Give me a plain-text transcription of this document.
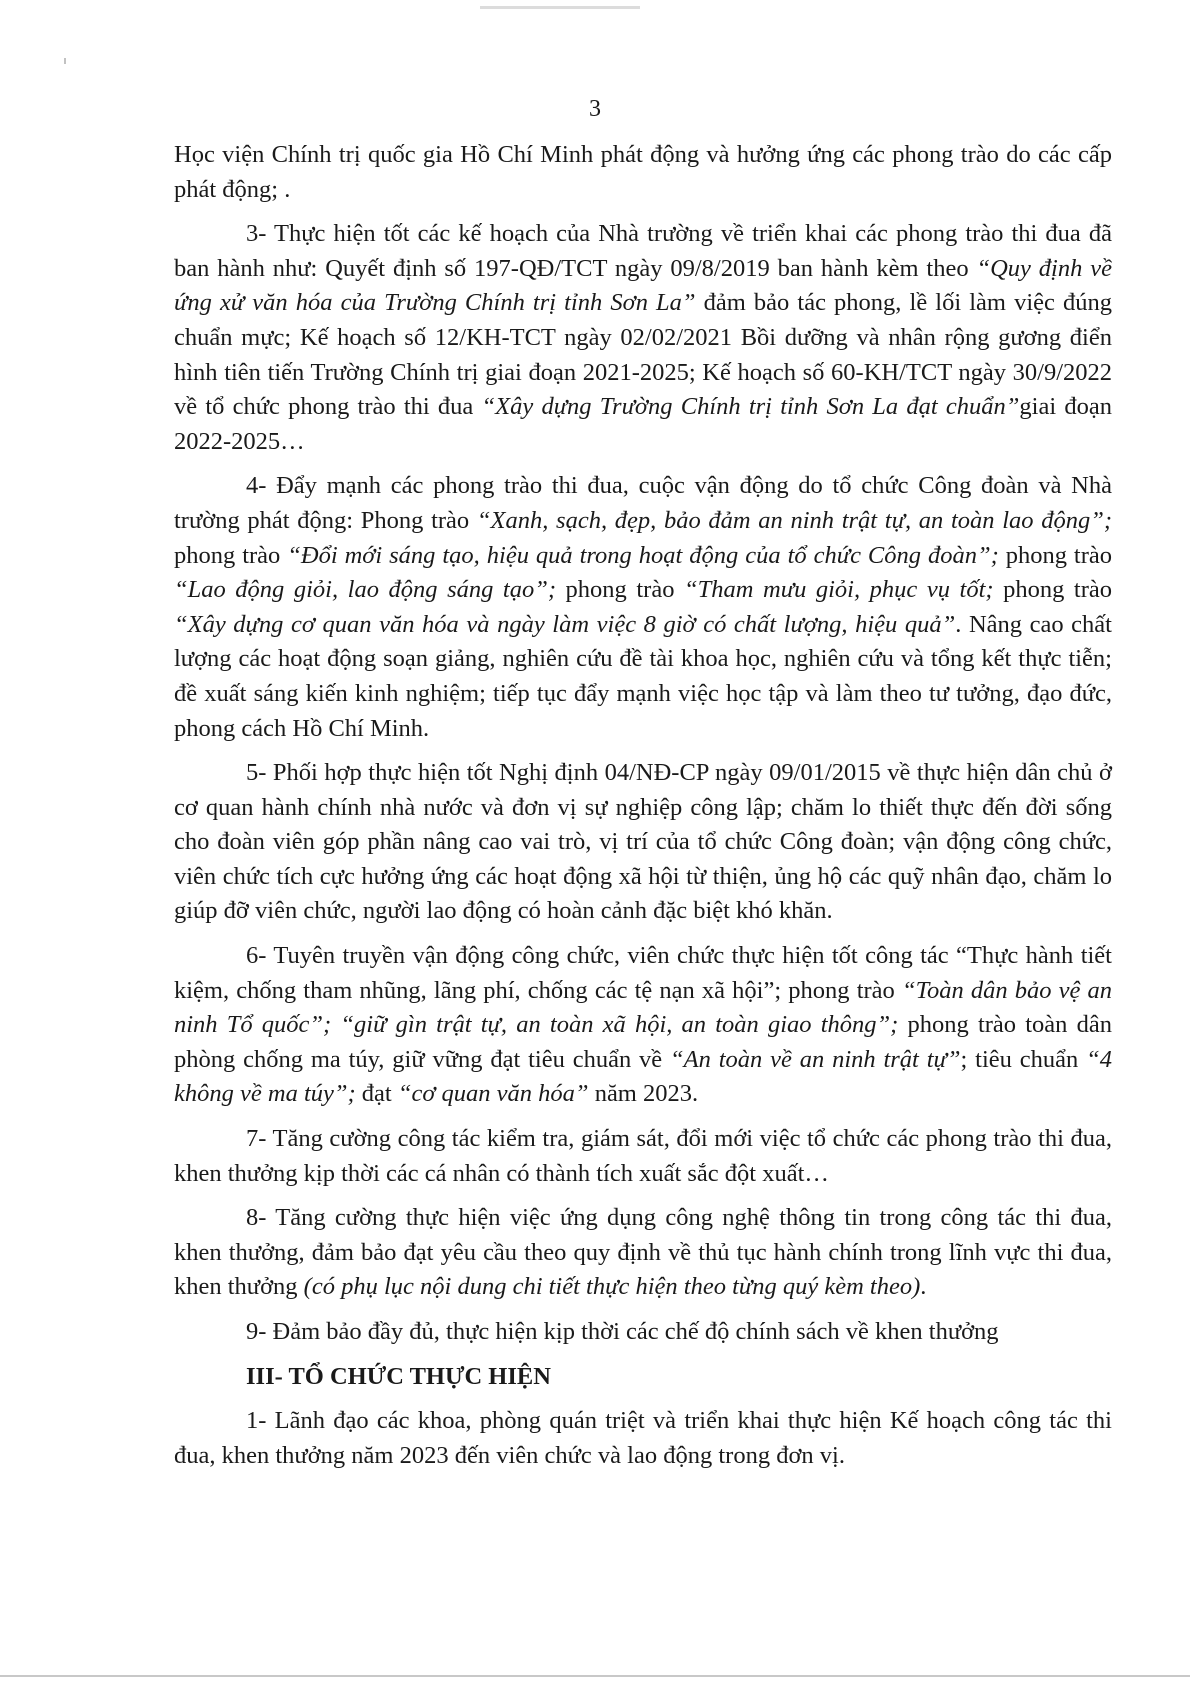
3

Học viện Chính trị quốc gia Hồ Chí Minh phát động và hưởng ứng các phong trào do các cấp phát động; .

3- Thực hiện tốt các kế hoạch của Nhà trường về triển khai các phong trào thi đua đã ban hành như: Quyết định số 197-QĐ/TCT ngày 09/8/2019 ban hành kèm theo “Quy định về ứng xử văn hóa của Trường Chính trị tỉnh Sơn La” đảm bảo tác phong, lề lối làm việc đúng chuẩn mực; Kế hoạch số 12/KH-TCT ngày 02/02/2021 Bồi dưỡng và nhân rộng gương điển hình tiên tiến Trường Chính trị giai đoạn 2021-2025; Kế hoạch số 60-KH/TCT ngày 30/9/2022 về tổ chức phong trào thi đua “Xây dựng Trường Chính trị tỉnh Sơn La đạt chuẩn”giai đoạn 2022-2025…

4- Đẩy mạnh các phong trào thi đua, cuộc vận động do tổ chức Công đoàn và Nhà trường phát động: Phong trào “Xanh, sạch, đẹp, bảo đảm an ninh trật tự, an toàn lao động”; phong trào “Đổi mới sáng tạo, hiệu quả trong hoạt động của tổ chức Công đoàn”; phong trào “Lao động giỏi, lao động sáng tạo”; phong trào “Tham mưu giỏi, phục vụ tốt; phong trào “Xây dựng cơ quan văn hóa và ngày làm việc 8 giờ có chất lượng, hiệu quả”. Nâng cao chất lượng các hoạt động soạn giảng, nghiên cứu đề tài khoa học, nghiên cứu và tổng kết thực tiễn; đề xuất sáng kiến kinh nghiệm; tiếp tục đẩy mạnh việc học tập và làm theo tư tưởng, đạo đức, phong cách Hồ Chí Minh.

5- Phối hợp thực hiện tốt Nghị định 04/NĐ-CP ngày 09/01/2015 về thực hiện dân chủ ở cơ quan hành chính nhà nước và đơn vị sự nghiệp công lập; chăm lo thiết thực đến đời sống cho đoàn viên góp phần nâng cao vai trò, vị trí của tổ chức Công đoàn; vận động công chức, viên chức tích cực hưởng ứng các hoạt động xã hội từ thiện, ủng hộ các quỹ nhân đạo, chăm lo giúp đỡ viên chức, người lao động có hoàn cảnh đặc biệt khó khăn.

6- Tuyên truyền vận động công chức, viên chức thực hiện tốt công tác “Thực hành tiết kiệm, chống tham nhũng, lãng phí, chống các tệ nạn xã hội”; phong trào “Toàn dân bảo vệ an ninh Tổ quốc”; “giữ gìn trật tự, an toàn xã hội, an toàn giao thông”; phong trào toàn dân phòng chống ma túy, giữ vững đạt tiêu chuẩn về “An toàn về an ninh trật tự”; tiêu chuẩn “4 không về ma túy”; đạt “cơ quan văn hóa” năm 2023.

7- Tăng cường công tác kiểm tra, giám sát, đổi mới việc tổ chức các phong trào thi đua, khen thưởng kịp thời các cá nhân có thành tích xuất sắc đột xuất…

8- Tăng cường thực hiện việc ứng dụng công nghệ thông tin trong công tác thi đua, khen thưởng, đảm bảo đạt yêu cầu theo quy định về thủ tục hành chính trong lĩnh vực thi đua, khen thưởng (có phụ lục nội dung chi tiết thực hiện theo từng quý kèm theo).

9- Đảm bảo đầy đủ, thực hiện kịp thời các chế độ chính sách về khen thưởng

III- TỔ CHỨC THỰC HIỆN

1- Lãnh đạo các khoa, phòng quán triệt và triển khai thực hiện Kế hoạch công tác thi đua, khen thưởng năm 2023 đến viên chức và lao động trong đơn vị.
